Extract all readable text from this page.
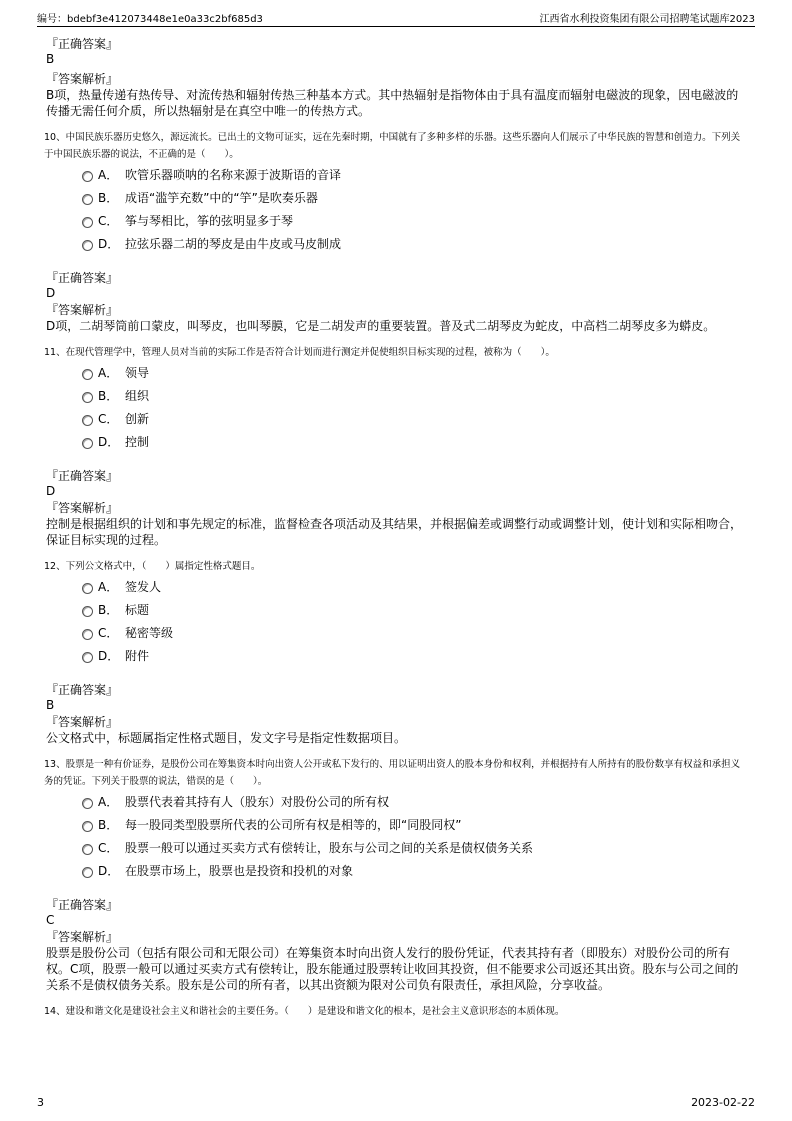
编号：bdebf3e412073448e1e0a33c2bf685d3	江西省水利投资集团有限公司招聘笔试题库2023
『正确答案』
B
『答案解析』
B项，热量传递有热传导、对流传热和辐射传热三种基本方式。其中热辐射是指物体由于具有温度而辐射电磁波的现象，因电磁波的传播无需任何介质，所以热辐射是在真空中唯一的传热方式。
10、中国民族乐器历史悠久，源远流长。已出土的文物可证实，远在先秦时期，中国就有了多种多样的乐器。这些乐器向人们展示了中华民族的智慧和创造力。下列关于中国民族乐器的说法，不正确的是（　　）。
A． 吹管乐器唢呐的名称来源于波斯语的音译
B． 成语“滥竽充数”中的“竽”是吹奏乐器
C． 筝与琴相比，筝的弦明显多于琴
D． 拉弦乐器二胡的琴皮是由牛皮或马皮制成
『正确答案』
D
『答案解析』
D项，二胡琴筒前口蒙皮，叫琴皮，也叫琴膜，它是二胡发声的重要装置。普及式二胡琴皮为蛇皮，中高档二胡琴皮多为蟒皮。
11、在现代管理学中，管理人员对当前的实际工作是否符合计划而进行测定并促使组织目标实现的过程，被称为（　　）。
A． 领导
B． 组织
C． 创新
D． 控制
『正确答案』
D
『答案解析』
控制是根据组织的计划和事先规定的标准，监督检查各项活动及其结果，并根据偏差或调整行动或调整计划，使计划和实际相吻合，保证目标实现的过程。
12、下列公文格式中，（　　）属指定性格式题目。
A． 签发人
B． 标题
C． 秘密等级
D． 附件
『正确答案』
B
『答案解析』
公文格式中，标题属指定性格式题目，发文字号是指定性数据项目。
13、股票是一种有价证券，是股份公司在筹集资本时向出资人公开或私下发行的、用以证明出资人的股本身份和权利，并根据持有人所持有的股份数享有权益和承担义务的凭证。下列关于股票的说法，错误的是（　　）。
A． 股票代表着其持有人（股东）对股份公司的所有权
B． 每一股同类型股票所代表的公司所有权是相等的，即“同股同权”
C． 股票一般可以通过买卖方式有偿转让，股东与公司之间的关系是债权债务关系
D． 在股票市场上，股票也是投资和投机的对象
『正确答案』
C
『答案解析』
股票是股份公司（包括有限公司和无限公司）在筹集资本时向出资人发行的股份凭证，代表其持有者（即股东）对股份公司的所有权。C项，股票一般可以通过买卖方式有偿转让，股东能通过股票转让收回其投资，但不能要求公司返还其出资。股东与公司之间的关系不是债权债务关系。股东是公司的所有者，以其出资额为限对公司负有限责任，承担风险，分享收益。
14、建设和谐文化是建设社会主义和谐社会的主要任务。（　　）是建设和谐文化的根本，是社会主义意识形态的本质体现。
3	2023-02-22
